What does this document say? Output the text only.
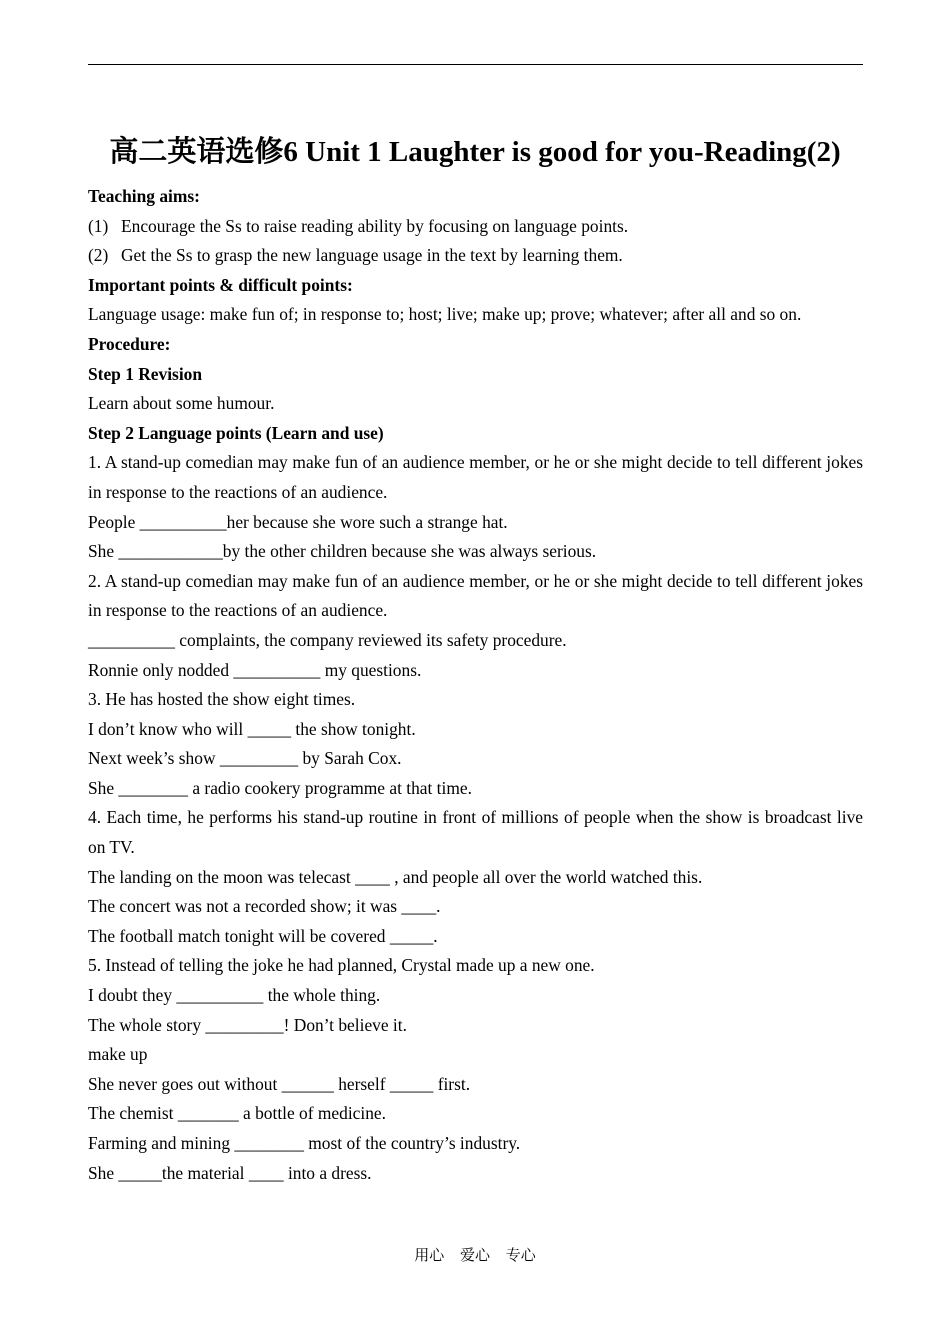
高二英语选修6 Unit 1 Laughter is good for you-Reading(2)

Teaching aims:

(1) Encourage the Ss to raise reading ability by focusing on language points.

(2) Get the Ss to grasp the new language usage in the text by learning them.

Important points & difficult points:

Language usage: make fun of; in response to; host; live; make up; prove; whatever; after all and so on.

Procedure:

Step 1 Revision

Learn about some humour.

Step 2 Language points (Learn and use)

1. A stand-up comedian may make fun of an audience member, or he or she might decide to tell different jokes in response to the reactions of an audience.

People __________her because she wore such a strange hat.

She ____________by the other children because she was always serious.

2. A stand-up comedian may make fun of an audience member, or he or she might decide to tell different jokes in response to the reactions of an audience.

__________ complaints, the company reviewed its safety procedure.

Ronnie only nodded __________ my questions.

3. He has hosted the show eight times.

I don’t know who will _____ the show tonight.

Next week’s show _________ by Sarah Cox.

She ________ a radio cookery programme at that time.

4. Each time, he performs his stand-up routine in front of millions of people when the show is broadcast live on TV.

The landing on the moon was telecast ____ , and people all over the world watched this.

The concert was not a recorded show; it was ____.

The football match tonight will be covered _____.

5. Instead of telling the joke he had planned, Crystal made up a new one.

I doubt they __________ the whole thing.

The whole story _________! Don’t believe it.

make up

She never goes out without ______ herself _____ first.

The chemist _______ a bottle of medicine.

Farming and mining ________ most of the country’s industry.

She _____the material ____ into a dress.

用心 爱心 专心
